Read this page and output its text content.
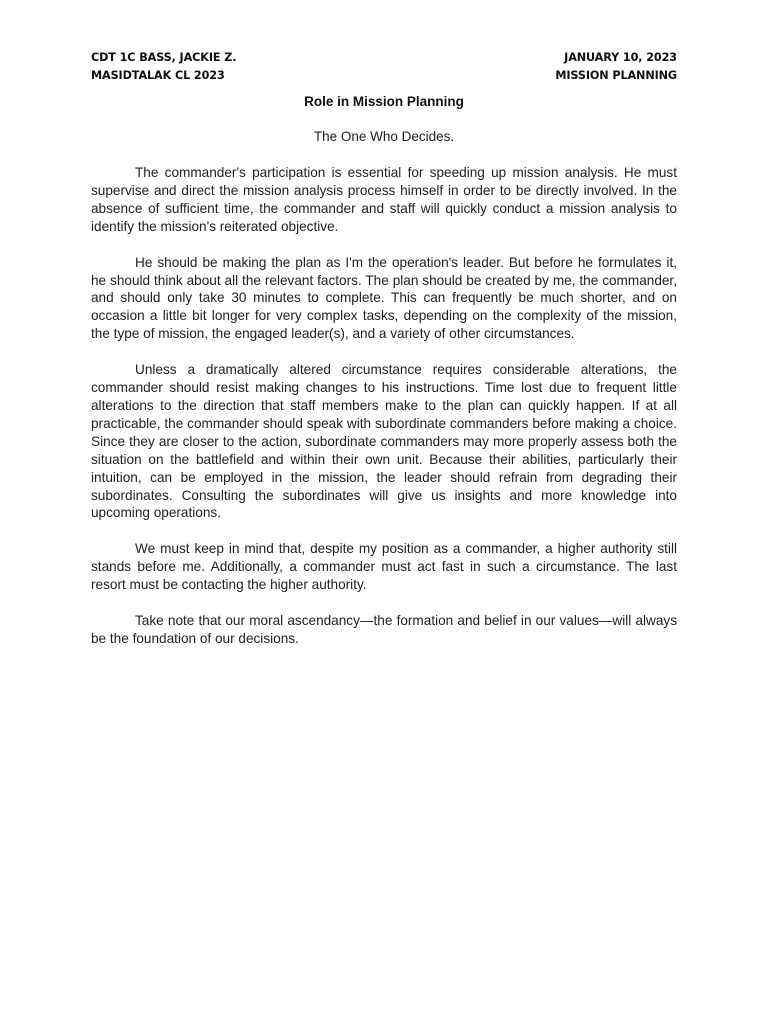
CDT 1C BASS, JACKIE Z.
MASIDTALAK CL 2023
JANUARY 10, 2023
MISSION PLANNING
Role in Mission Planning
The One Who Decides.

The commander's participation is essential for speeding up mission analysis. He must supervise and direct the mission analysis process himself in order to be directly involved. In the absence of sufficient time, the commander and staff will quickly conduct a mission analysis to identify the mission's reiterated objective.

He should be making the plan as I'm the operation's leader. But before he formulates it, he should think about all the relevant factors. The plan should be created by me, the commander, and should only take 30 minutes to complete. This can frequently be much shorter, and on occasion a little bit longer for very complex tasks, depending on the complexity of the mission, the type of mission, the engaged leader(s), and a variety of other circumstances.

Unless a dramatically altered circumstance requires considerable alterations, the commander should resist making changes to his instructions. Time lost due to frequent little alterations to the direction that staff members make to the plan can quickly happen. If at all practicable, the commander should speak with subordinate commanders before making a choice. Since they are closer to the action, subordinate commanders may more properly assess both the situation on the battlefield and within their own unit. Because their abilities, particularly their intuition, can be employed in the mission, the leader should refrain from degrading their subordinates. Consulting the subordinates will give us insights and more knowledge into upcoming operations.

We must keep in mind that, despite my position as a commander, a higher authority still stands before me. Additionally, a commander must act fast in such a circumstance. The last resort must be contacting the higher authority.

Take note that our moral ascendancy—the formation and belief in our values—will always be the foundation of our decisions.
